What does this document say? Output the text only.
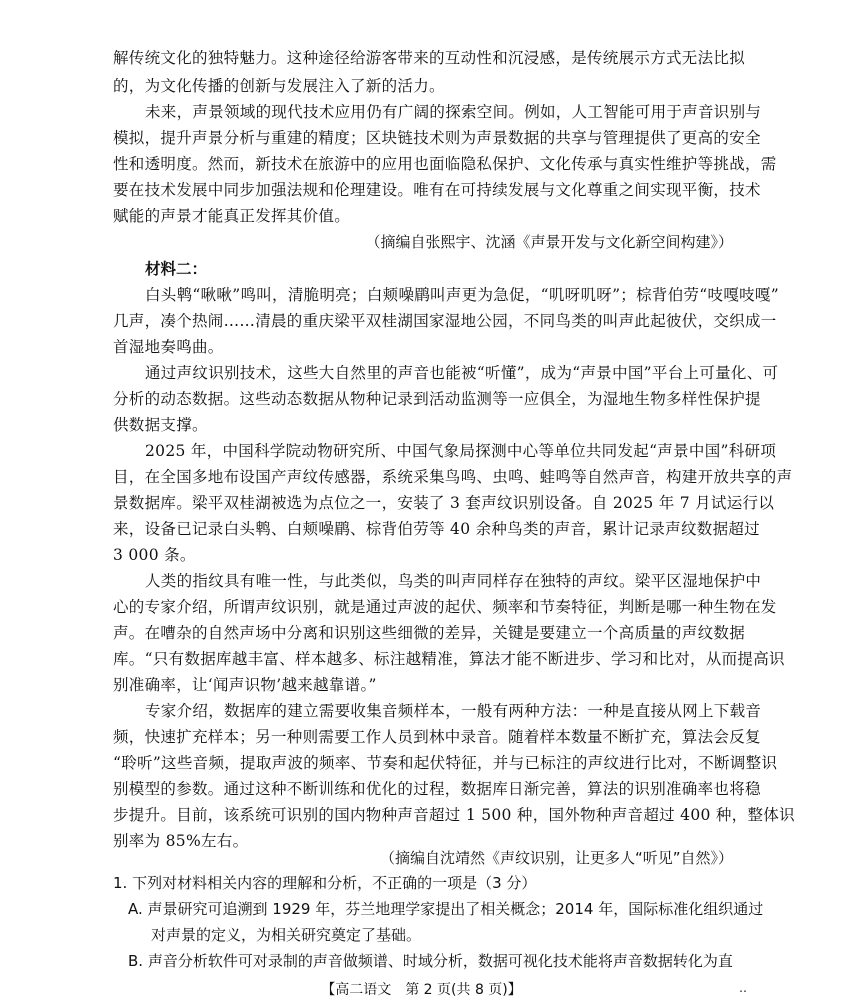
解传统文化的独特魅力。这种途径给游客带来的互动性和沉浸感，是传统展示方式无法比拟
的，为文化传播的创新与发展注入了新的活力。
未来，声景领域的现代技术应用仍有广阔的探索空间。例如，人工智能可用于声音识别与
模拟，提升声景分析与重建的精度；区块链技术则为声景数据的共享与管理提供了更高的安全
性和透明度。然而，新技术在旅游中的应用也面临隐私保护、文化传承与真实性维护等挑战，需
要在技术发展中同步加强法规和伦理建设。唯有在可持续发展与文化尊重之间实现平衡，技术
赋能的声景才能真正发挥其价值。
（摘编自张熙宇、沈涵《声景开发与文化新空间构建》）
材料二：
白头鹎“啾啾”鸣叫，清脆明亮；白颊噪鹛叫声更为急促，“叽呀叽呀”；棕背伯劳“吱嘎吱嘎”
几声，凑个热闹……清晨的重庆梁平双桂湖国家湿地公园，不同鸟类的叫声此起彼伏，交织成一
首湿地奏鸣曲。
通过声纹识别技术，这些大自然里的声音也能被“听懂”，成为“声景中国”平台上可量化、可
分析的动态数据。这些动态数据从物种记录到活动监测等一应俱全，为湿地生物多样性保护提
供数据支撑。
2025 年，中国科学院动物研究所、中国气象局探测中心等单位共同发起“声景中国”科研项
目，在全国多地布设国产声纹传感器，系统采集鸟鸣、虫鸣、蛙鸣等自然声音，构建开放共享的声
景数据库。梁平双桂湖被选为点位之一，安装了 3 套声纹识别设备。自 2025 年 7 月试运行以
来，设备已记录白头鹎、白颊噪鹛、棕背伯劳等 40 余种鸟类的声音，累计记录声纹数据超过
3 000 条。
人类的指纹具有唯一性，与此类似，鸟类的叫声同样存在独特的声纹。梁平区湿地保护中
心的专家介绍，所谓声纹识别，就是通过声波的起伏、频率和节奏特征，判断是哪一种生物在发
声。在嘈杂的自然声场中分离和识别这些细微的差异，关键是要建立一个高质量的声纹数据
库。“只有数据库越丰富、样本越多、标注越精准，算法才能不断进步、学习和比对，从而提高识
别准确率，让‘闻声识物’越来越靠谱。”
专家介绍，数据库的建立需要收集音频样本，一般有两种方法：一种是直接从网上下载音
频，快速扩充样本；另一种则需要工作人员到林中录音。随着样本数量不断扩充，算法会反复
“聆听”这些音频，提取声波的频率、节奏和起伏特征，并与已标注的声纹进行比对，不断调整识
别模型的参数。通过这种不断训练和优化的过程，数据库日渐完善，算法的识别准确率也将稳
步提升。目前，该系统可识别的国内物种声音超过 1 500 种，国外物种声音超过 400 种，整体识
别率为 85%左右。
（摘编自沈靖然《声纹识别，让更多人“听见”自然》）
1. 下列对材料相关内容的理解和分析，不正确的一项是（3 分）
A. 声景研究可追溯到 1929 年，芬兰地理学家提出了相关概念；2014 年，国际标准化组织通过
对声景的定义，为相关研究奠定了基础。
B. 声音分析软件可对录制的声音做频谱、时域分析，数据可视化技术能将声音数据转化为直
【高二语文　第 2 页(共 8 页)】	‥
